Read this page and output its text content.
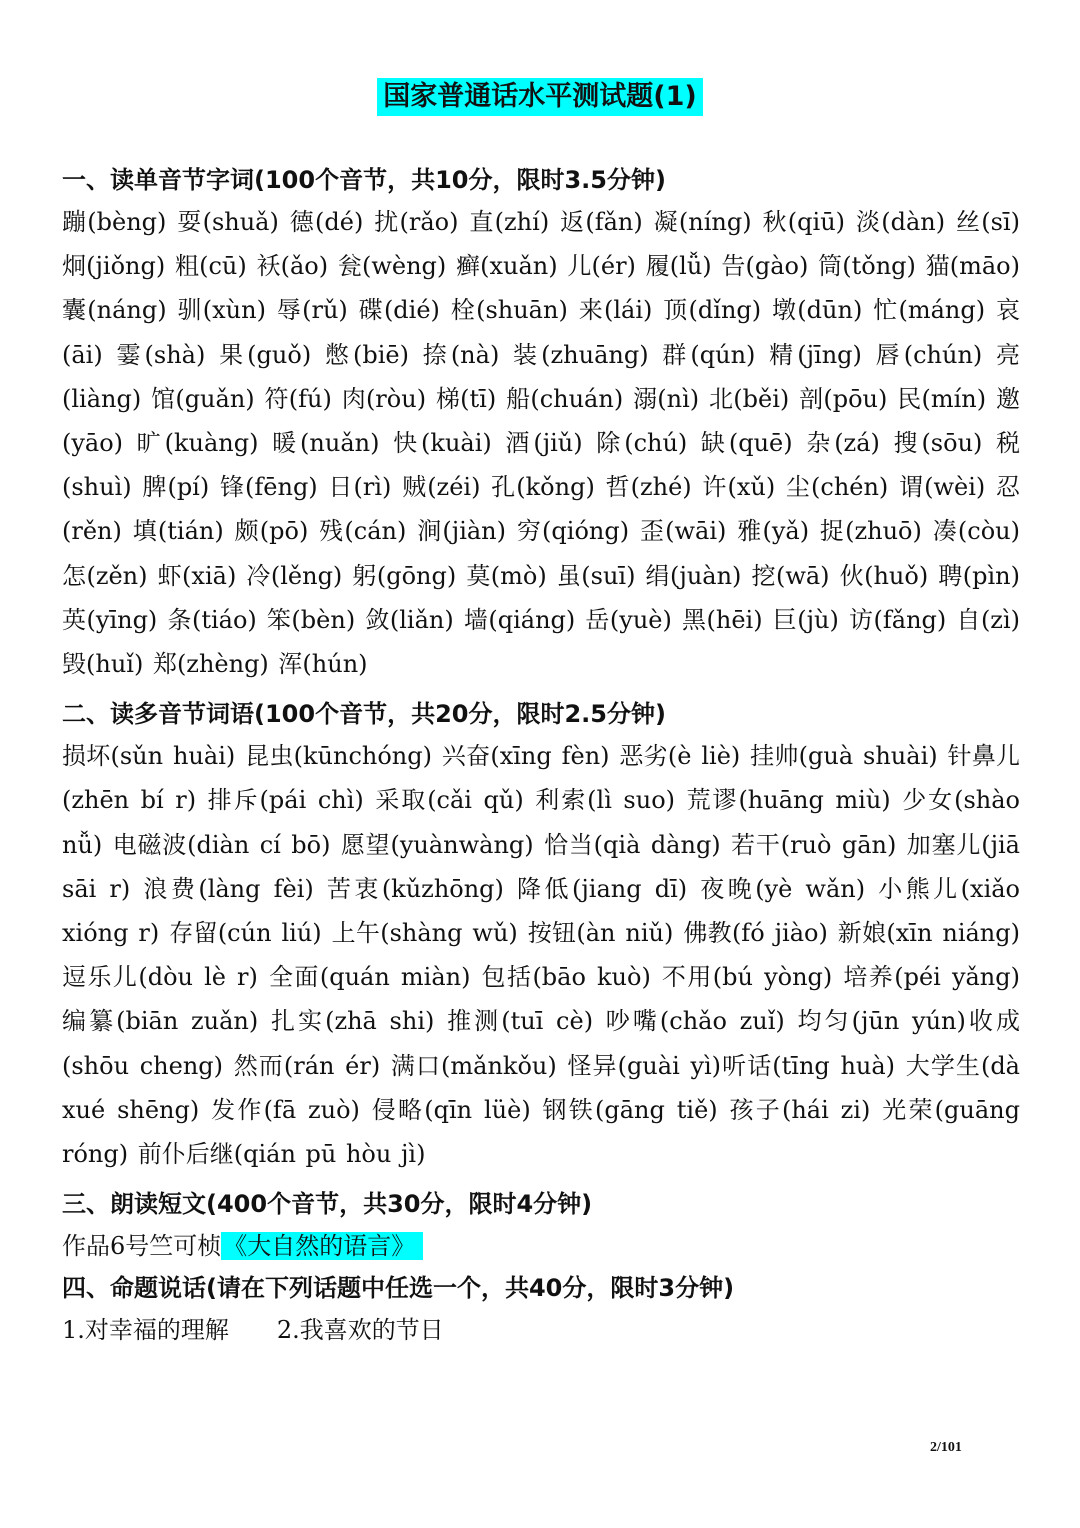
国家普通话水平测试题(1)

一、读单音节字词(100个音节，共10分，限时3.5分钟)

蹦(bèng) 耍(shuǎ) 德(dé) 扰(rǎo) 直(zhí) 返(fǎn) 凝(níng) 秋(qiū) 淡(dàn) 丝(sī) 炯(jiǒng) 粗(cū) 袄(ǎo) 瓮(wèng) 癣(xuǎn) 儿(ér) 履(lǚ) 告(gào) 筒(tǒng) 猫(māo) 囊(náng) 驯(xùn) 辱(rǔ) 碟(dié) 栓(shuān) 来(lái) 顶(dǐng) 墩(dūn) 忙(máng) 哀(āi) 霎(shà) 果(guǒ) 憋(biē) 捺(nà) 装(zhuāng) 群(qún) 精(jīng) 唇(chún) 亮(liàng) 馆(guǎn) 符(fú) 肉(ròu) 梯(tī) 船(chuán) 溺(nì) 北(běi) 剖(pōu) 民(mín) 邀(yāo) 旷(kuàng) 暖(nuǎn) 快(kuài) 酒(jiǔ) 除(chú) 缺(quē) 杂(zá) 搜(sōu) 税(shuì) 脾(pí) 锋(fēng) 日(rì) 贼(zéi) 孔(kǒng) 哲(zhé) 许(xǔ) 尘(chén) 谓(wèi) 忍(rěn) 填(tián) 颇(pō) 残(cán) 涧(jiàn) 穷(qióng) 歪(wāi) 雅(yǎ) 捉(zhuō) 凑(còu) 怎(zěn) 虾(xiā) 冷(lěng) 躬(gōng) 莫(mò) 虽(suī) 绢(juàn) 挖(wā) 伙(huǒ) 聘(pìn) 英(yīng) 条(tiáo) 笨(bèn) 敛(liǎn) 墙(qiáng) 岳(yuè) 黑(hēi) 巨(jù) 访(fǎng) 自(zì) 毁(huǐ) 郑(zhèng) 浑(hún)

二、读多音节词语(100个音节，共20分，限时2.5分钟)

损坏(sǔn huài) 昆虫(kūnchóng) 兴奋(xīng fèn) 恶劣(è liè) 挂帅(guà shuài) 针鼻儿(zhēn bí r) 排斥(pái chì) 采取(cǎi qǔ) 利索(lì suo) 荒谬(huāng miù) 少女(shào nǚ) 电磁波(diàn cí bō) 愿望(yuànwàng) 恰当(qià dàng) 若干(ruò gān) 加塞儿(jiā sāi r) 浪费(làng fèi) 苦衷(kǔzhōng) 降低(jiang dī) 夜晚(yè wǎn) 小熊儿(xiǎo xióng r) 存留(cún liú) 上午(shàng wǔ) 按钮(àn niǔ) 佛教(fó jiào) 新娘(xīn niáng) 逗乐儿(dòu lè r) 全面(quán miàn) 包括(bāo kuò) 不用(bú yòng) 培养(péi yǎng) 编纂(biān zuǎn) 扎实(zhā shi) 推测(tuī cè) 吵嘴(chǎo zuǐ) 均匀(jūn yún)收成(shōu cheng) 然而(rán ér) 满口(mǎnkǒu) 怪异(guài yì)听话(tīng huà) 大学生(dà xué shēng) 发作(fā zuò) 侵略(qīn lüè) 钢铁(gāng tiě) 孩子(hái zi) 光荣(guāng róng) 前仆后继(qián pū hòu jì)

三、朗读短文(400个音节，共30分，限时4分钟)

作品6号竺可桢《大自然的语言》

四、命题说话(请在下列话题中任选一个，共40分，限时3分钟)

1.对幸福的理解 2.我喜欢的节日

2/101
